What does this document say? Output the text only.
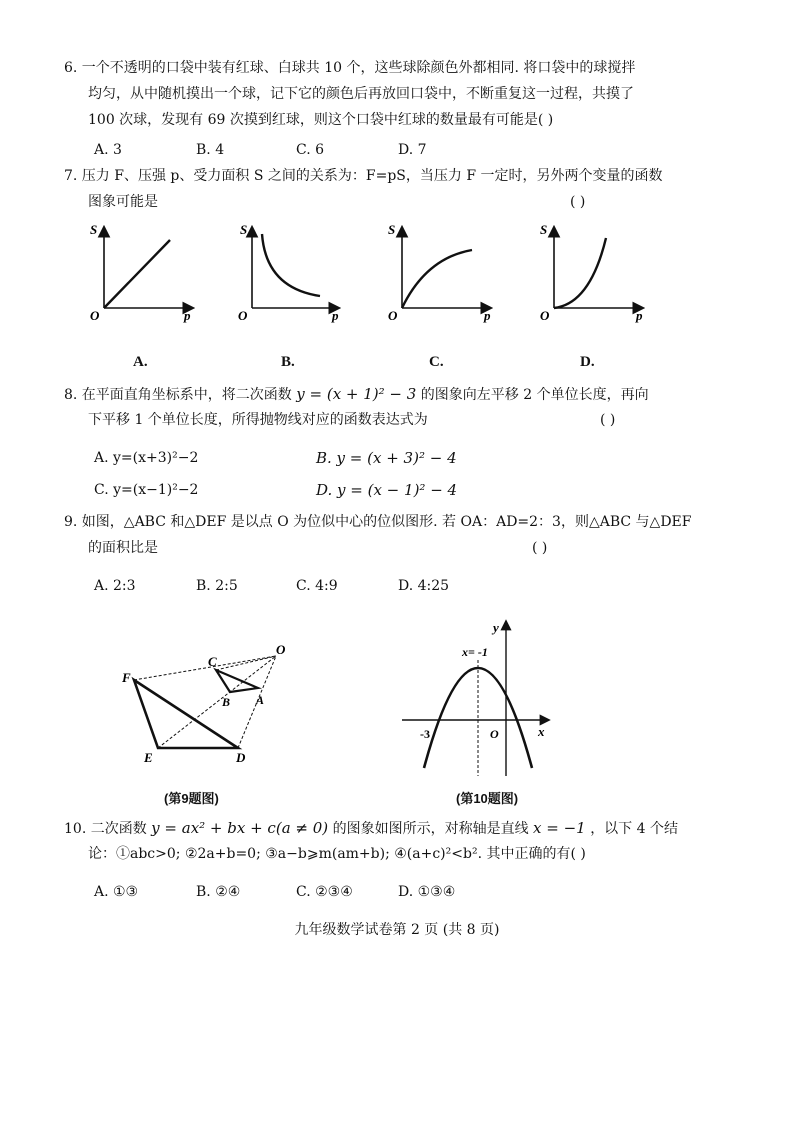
6. 一个不透明的口袋中装有红球、白球共 10 个，这些球除颜色外都相同. 将口袋中的球搅拌
均匀，从中随机摸出一个球，记下它的颜色后再放回口袋中，不断重复这一过程，共摸了
100 次球，发现有 69 次摸到红球，则这个口袋中红球的数量最有可能是( )
A. 3	B. 4	C. 6	D. 7
7. 压力 F、压强 p、受力面积 S 之间的关系为：F=pS，当压力 F 一定时，另外两个变量的函数
图象可能是	( )
S
p
O
S
p
O
S
p
O
S
p
O
A.	B.	C.	D.
8. 在平面直角坐标系中，将二次函数 y = (x + 1)² − 3 的图象向左平移 2 个单位长度，再向
下平移 1 个单位长度，所得抛物线对应的函数表达式为	( )
A. y=(x+3)²−2	B. y = (x + 3)² − 4
C. y=(x−1)²−2	D. y = (x − 1)² − 4
9. 如图，△ABC 和△DEF 是以点 O 为位似中心的位似图形. 若 OA：AD=2：3，则△ABC 与△DEF
的面积比是	( )
A. 2:3	B. 2:5	C. 4:9	D. 4:25
F
C
O
B A
E	D
(第9题图)
y
x
x= -1
-3	O
(第10题图)
10. 二次函数 y = ax² + bx + c(a ≠ 0) 的图象如图所示，对称轴是直线 x = −1 ，以下 4 个结
论：①abc>0; ②2a+b=0; ③a−b⩾m(am+b); ④(a+c)²<b². 其中正确的有( )
A. ①③	B. ②④	C. ②③④	D. ①③④
九年级数学试卷第 2 页 (共 8 页)
